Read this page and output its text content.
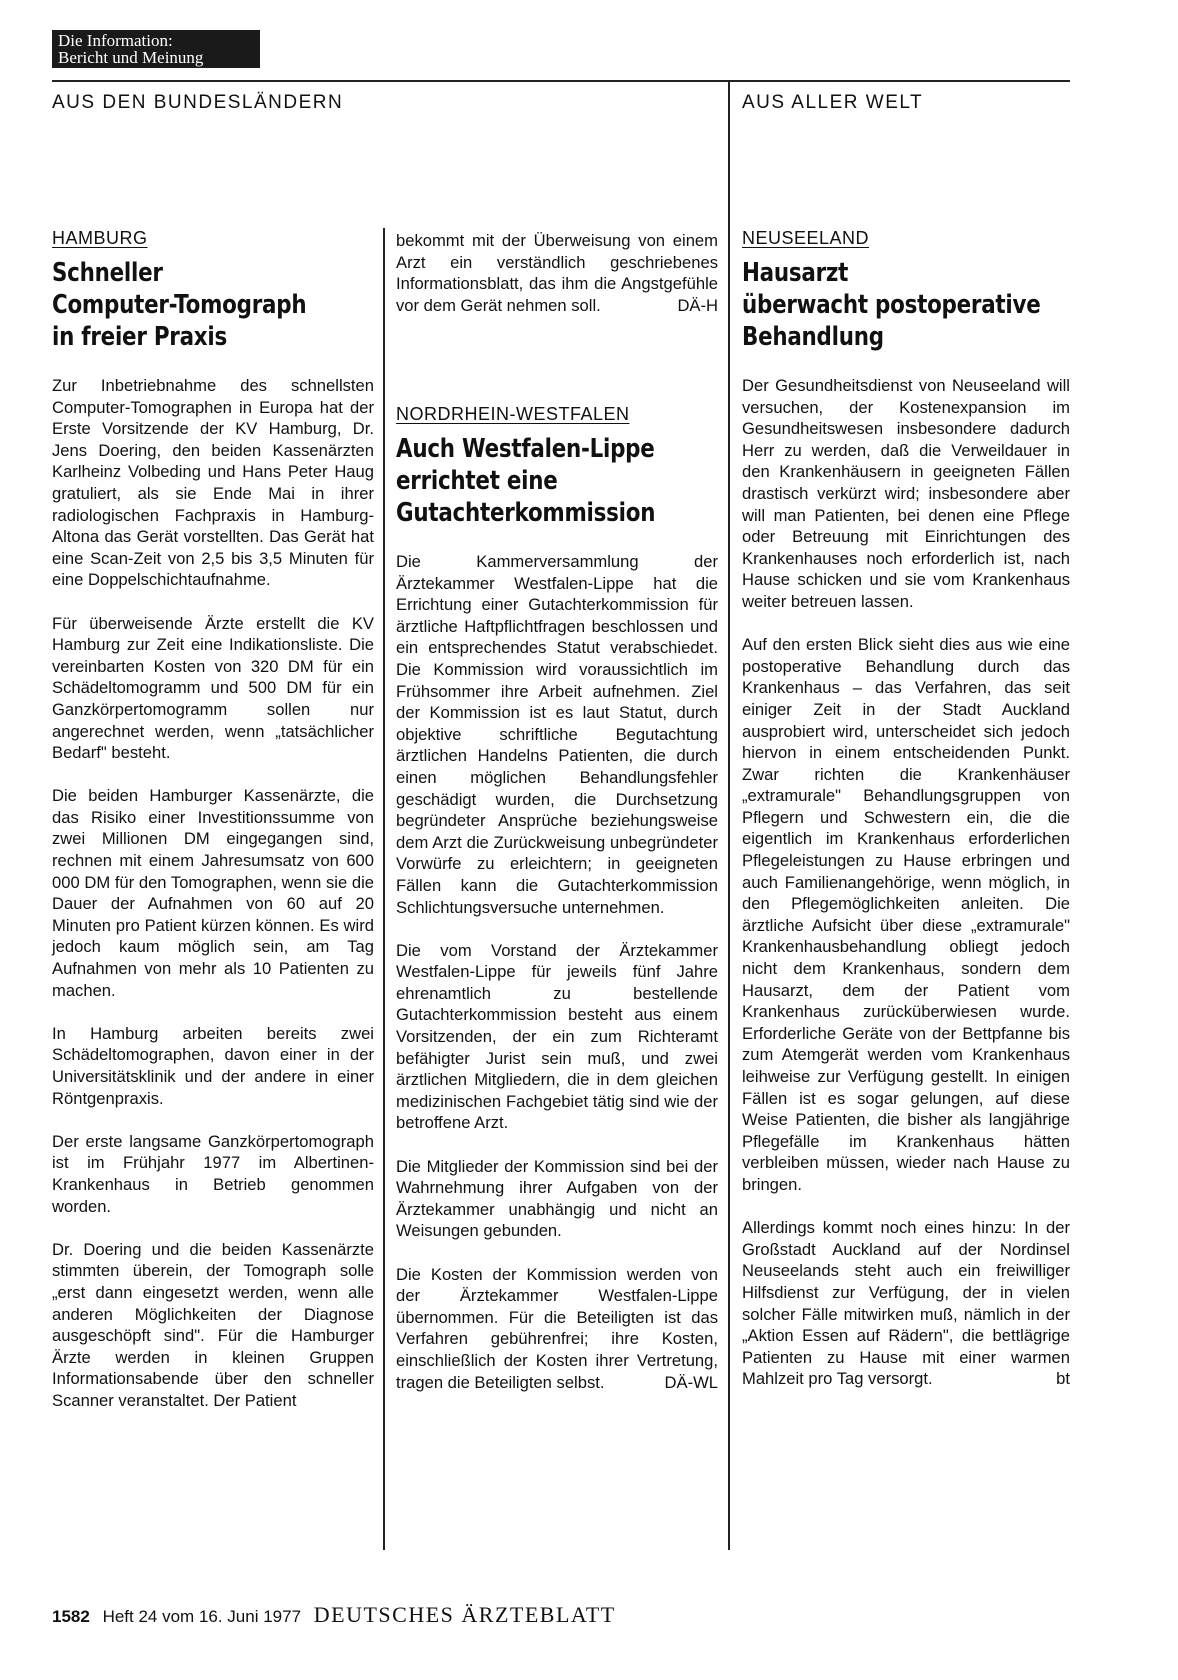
Die Information:
Bericht und Meinung
AUS DEN BUNDESLÄNDERN	AUS ALLER WELT
HAMBURG
Schneller
Computer-Tomograph
in freier Praxis

Zur Inbetriebnahme des schnellsten Computer-Tomographen in Europa hat der Erste Vorsitzende der KV Hamburg, Dr. Jens Doering, den beiden Kassenärzten Karlheinz Volbeding und Hans Peter Haug gratuliert, als sie Ende Mai in ihrer radiologischen Fachpraxis in Hamburg-Altona das Gerät vorstellten. Das Gerät hat eine Scan-Zeit von 2,5 bis 3,5 Minuten für eine Doppelschichtaufnahme.

Für überweisende Ärzte erstellt die KV Hamburg zur Zeit eine Indikationsliste. Die vereinbarten Kosten von 320 DM für ein Schädeltomogramm und 500 DM für ein Ganzkörpertomogramm sollen nur angerechnet werden, wenn „tatsächlicher Bedarf" besteht.

Die beiden Hamburger Kassenärzte, die das Risiko einer Investitionssumme von zwei Millionen DM eingegangen sind, rechnen mit einem Jahresumsatz von 600 000 DM für den Tomographen, wenn sie die Dauer der Aufnahmen von 60 auf 20 Minuten pro Patient kürzen können. Es wird jedoch kaum möglich sein, am Tag Aufnahmen von mehr als 10 Patienten zu machen.

In Hamburg arbeiten bereits zwei Schädeltomographen, davon einer in der Universitätsklinik und der andere in einer Röntgenpraxis.

Der erste langsame Ganzkörpertomograph ist im Frühjahr 1977 im Albertinen-Krankenhaus in Betrieb genommen worden.

Dr. Doering und die beiden Kassenärzte stimmten überein, der Tomograph solle „erst dann eingesetzt werden, wenn alle anderen Möglichkeiten der Diagnose ausgeschöpft sind". Für die Hamburger Ärzte werden in kleinen Gruppen Informationsabende über den schneller Scanner veranstaltet. Der Patient

bekommt mit der Überweisung von einem Arzt ein verständlich geschriebenes Informationsblatt, das ihm die Angstgefühle vor dem Gerät nehmen soll.	DÄ-H

NORDRHEIN-WESTFALEN
Auch Westfalen-Lippe
errichtet eine
Gutachterkommission

Die Kammerversammlung der Ärztekammer Westfalen-Lippe hat die Errichtung einer Gutachterkommission für ärztliche Haftpflichtfragen beschlossen und ein entsprechendes Statut verabschiedet. Die Kommission wird voraussichtlich im Frühsommer ihre Arbeit aufnehmen. Ziel der Kommission ist es laut Statut, durch objektive schriftliche Begutachtung ärztlichen Handelns Patienten, die durch einen möglichen Behandlungsfehler geschädigt wurden, die Durchsetzung begründeter Ansprüche beziehungsweise dem Arzt die Zurückweisung unbegründeter Vorwürfe zu erleichtern; in geeigneten Fällen kann die Gutachterkommission Schlichtungsversuche unternehmen.

Die vom Vorstand der Ärztekammer Westfalen-Lippe für jeweils fünf Jahre ehrenamtlich zu bestellende Gutachterkommission besteht aus einem Vorsitzenden, der ein zum Richteramt befähigter Jurist sein muß, und zwei ärztlichen Mitgliedern, die in dem gleichen medizinischen Fachgebiet tätig sind wie der betroffene Arzt.

Die Mitglieder der Kommission sind bei der Wahrnehmung ihrer Aufgaben von der Ärztekammer unabhängig und nicht an Weisungen gebunden.

Die Kosten der Kommission werden von der Ärztekammer Westfalen-Lippe übernommen. Für die Beteiligten ist das Verfahren gebührenfrei; ihre Kosten, einschließlich der Kosten ihrer Vertretung, tragen die Beteiligten selbst.	DÄ-WL

NEUSEELAND
Hausarzt
überwacht postoperative
Behandlung

Der Gesundheitsdienst von Neuseeland will versuchen, der Kostenexpansion im Gesundheitswesen insbesondere dadurch Herr zu werden, daß die Verweildauer in den Krankenhäusern in geeigneten Fällen drastisch verkürzt wird; insbesondere aber will man Patienten, bei denen eine Pflege oder Betreuung mit Einrichtungen des Krankenhauses noch erforderlich ist, nach Hause schicken und sie vom Krankenhaus weiter betreuen lassen.

Auf den ersten Blick sieht dies aus wie eine postoperative Behandlung durch das Krankenhaus – das Verfahren, das seit einiger Zeit in der Stadt Auckland ausprobiert wird, unterscheidet sich jedoch hiervon in einem entscheidenden Punkt. Zwar richten die Krankenhäuser „extramurale" Behandlungsgruppen von Pflegern und Schwestern ein, die die eigentlich im Krankenhaus erforderlichen Pflegeleistungen zu Hause erbringen und auch Familienangehörige, wenn möglich, in den Pflegemöglichkeiten anleiten. Die ärztliche Aufsicht über diese „extramurale" Krankenhausbehandlung obliegt jedoch nicht dem Krankenhaus, sondern dem Hausarzt, dem der Patient vom Krankenhaus zurücküberwiesen wurde. Erforderliche Geräte von der Bettpfanne bis zum Atemgerät werden vom Krankenhaus leihweise zur Verfügung gestellt. In einigen Fällen ist es sogar gelungen, auf diese Weise Patienten, die bisher als langjährige Pflegefälle im Krankenhaus hätten verbleiben müssen, wieder nach Hause zu bringen.

Allerdings kommt noch eines hinzu: In der Großstadt Auckland auf der Nordinsel Neuseelands steht auch ein freiwilliger Hilfsdienst zur Verfügung, der in vielen solcher Fälle mitwirken muß, nämlich in der „Aktion Essen auf Rädern", die bettlägrige Patienten zu Hause mit einer warmen Mahlzeit pro Tag versorgt.	bt

1582 Heft 24 vom 16. Juni 1977 DEUTSCHES ÄRZTEBLATT
